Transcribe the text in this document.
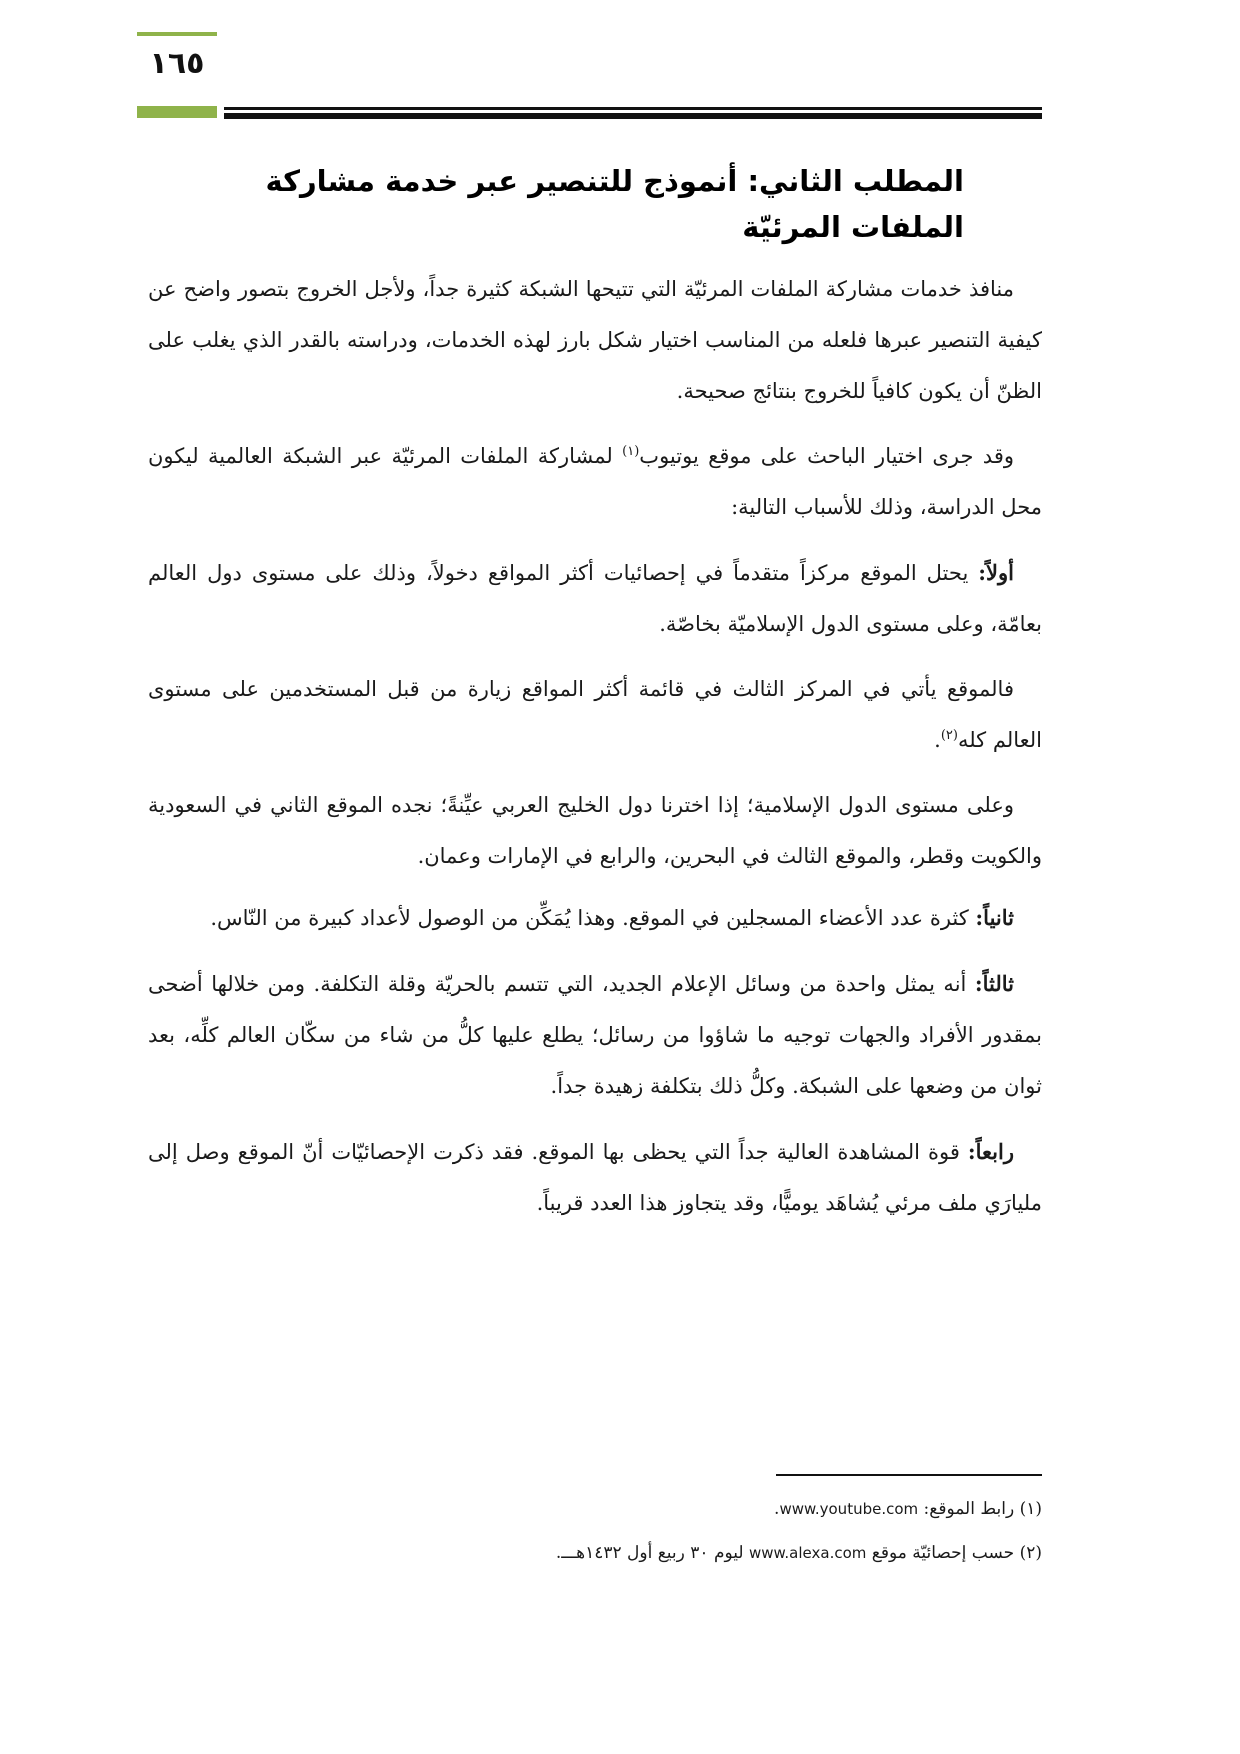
١٦٥
المطلب الثاني: أنموذج للتنصير عبر خدمة مشاركة الملفات المرئيّة

منافذ خدمات مشاركة الملفات المرئيّة التي تتيحها الشبكة كثيرة جداً، ولأجل الخروج بتصور واضح عن كيفية التنصير عبرها فلعله من المناسب اختيار شكل بارز لهذه الخدمات، ودراسته بالقدر الذي يغلب على الظنّ أن يكون كافياً للخروج بنتائج صحيحة.

وقد جرى اختيار الباحث على موقع يوتيوب$^{(١)}$ لمشاركة الملفات المرئيّة عبر الشبكة العالمية ليكون محل الدراسة، وذلك للأسباب التالية:

أولاً: يحتل الموقع مركزاً متقدماً في إحصائيات أكثر المواقع دخولاً، وذلك على مستوى دول العالم بعامّة، وعلى مستوى الدول الإسلاميّة بخاصّة.

فالموقع يأتي في المركز الثالث في قائمة أكثر المواقع زيارة من قبل المستخدمين على مستوى العالم كله$^{(٢)}$.

وعلى مستوى الدول الإسلامية؛ إذا اخترنا دول الخليج العربي عيِّنةً؛ نجده الموقع الثاني في السعودية والكويت وقطر، والموقع الثالث في البحرين، والرابع في الإمارات وعمان.

ثانياً: كثرة عدد الأعضاء المسجلين في الموقع. وهذا يُمَكِّن من الوصول لأعداد كبيرة من النّاس.

ثالثاً: أنه يمثل واحدة من وسائل الإعلام الجديد، التي تتسم بالحريّة وقلة التكلفة. ومن خلالها أضحى بمقدور الأفراد والجهات توجيه ما شاؤوا من رسائل؛ يطلع عليها كلُّ من شاء من سكّان العالم كلِّه، بعد ثوان من وضعها على الشبكة. وكلُّ ذلك بتكلفة زهيدة جداً.

رابعاً: قوة المشاهدة العالية جداً التي يحظى بها الموقع. فقد ذكرت الإحصائيّات أنّ الموقع وصل إلى مليارَي ملف مرئي يُشاهَد يوميًّا، وقد يتجاوز هذا العدد قريباً.

(١) رابط الموقع: www.youtube.com.

(٢) حسب إحصائيّة موقع www.alexa.com ليوم ٣٠ ربيع أول ١٤٣٢هـــ.
